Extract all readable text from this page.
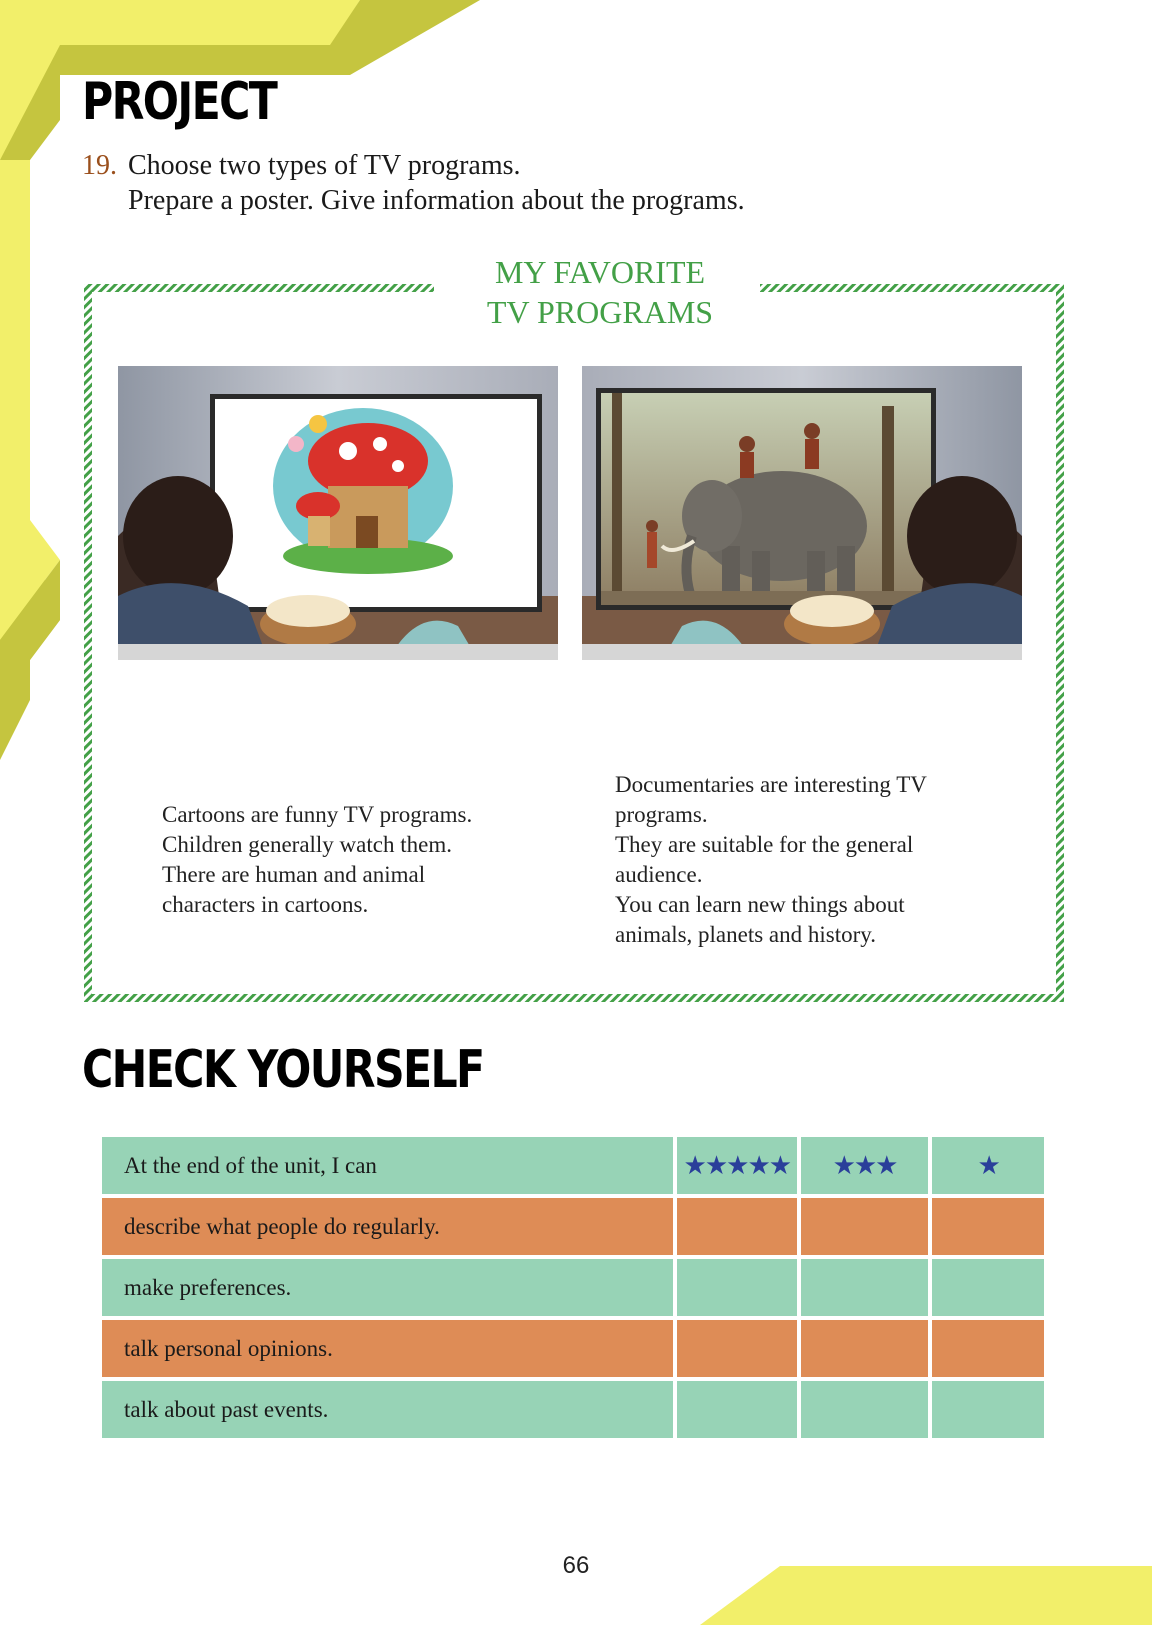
PROJECT
19. Choose two types of TV programs.
Prepare a poster. Give information about the programs.
MY FAVORITE
TV PROGRAMS

Cartoons are funny TV programs.

Children generally watch them.

There are human and animal

characters in cartoons.

Documentaries are interesting TV

programs.

They are suitable for the general

audience.

You can learn new things about

animals, planets and history.

CHECK YOURSELF
At the end of the unit, I can	★★★★★	★★★	★
describe what people do regularly.			
make preferences.			
talk personal opinions.			
talk about past events.			
66
